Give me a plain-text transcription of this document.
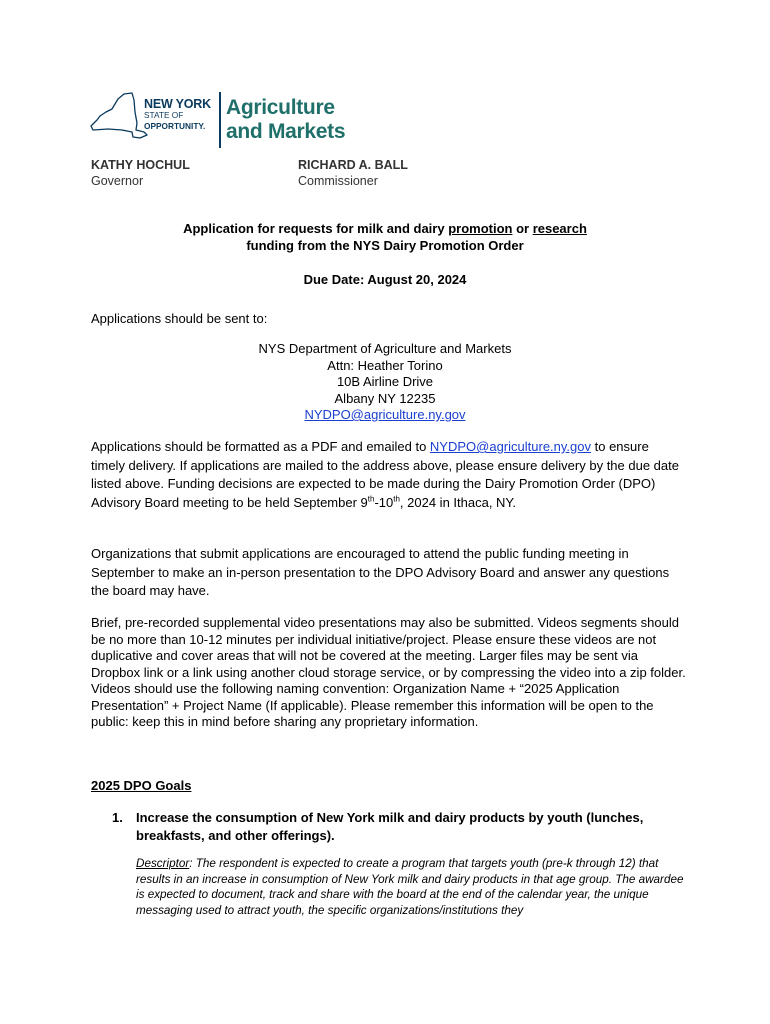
NEW YORK
STATE OF
OPPORTUNITY.
Agriculture
and Markets
KATHY HOCHUL
Governor
RICHARD A. BALL
Commissioner
Application for requests for milk and dairy promotion or research
funding from the NYS Dairy Promotion Order
Due Date: August 20, 2024
Applications should be sent to:
NYS Department of Agriculture and Markets
Attn: Heather Torino
10B Airline Drive
Albany NY 12235
NYDPO@agriculture.ny.gov
Applications should be formatted as a PDF and emailed to NYDPO@agriculture.ny.gov to ensure timely delivery. If applications are mailed to the address above, please ensure delivery by the due date listed above. Funding decisions are expected to be made during the Dairy Promotion Order (DPO) Advisory Board meeting to be held September 9th-10th, 2024 in Ithaca, NY.
Organizations that submit applications are encouraged to attend the public funding meeting in September to make an in-person presentation to the DPO Advisory Board and answer any questions the board may have.
Brief, pre-recorded supplemental video presentations may also be submitted. Videos segments should be no more than 10-12 minutes per individual initiative/project. Please ensure these videos are not duplicative and cover areas that will not be covered at the meeting. Larger files may be sent via Dropbox link or a link using another cloud storage service, or by compressing the video into a zip folder. Videos should use the following naming convention: Organization Name + “2025 Application Presentation” + Project Name (If applicable). Please remember this information will be open to the public: keep this in mind before sharing any proprietary information.
2025 DPO Goals
1. Increase the consumption of New York milk and dairy products by youth (lunches, breakfasts, and other offerings).
Descriptor: The respondent is expected to create a program that targets youth (pre-k through 12) that results in an increase in consumption of New York milk and dairy products in that age group. The awardee is expected to document, track and share with the board at the end of the calendar year, the unique messaging used to attract youth, the specific organizations/institutions they
